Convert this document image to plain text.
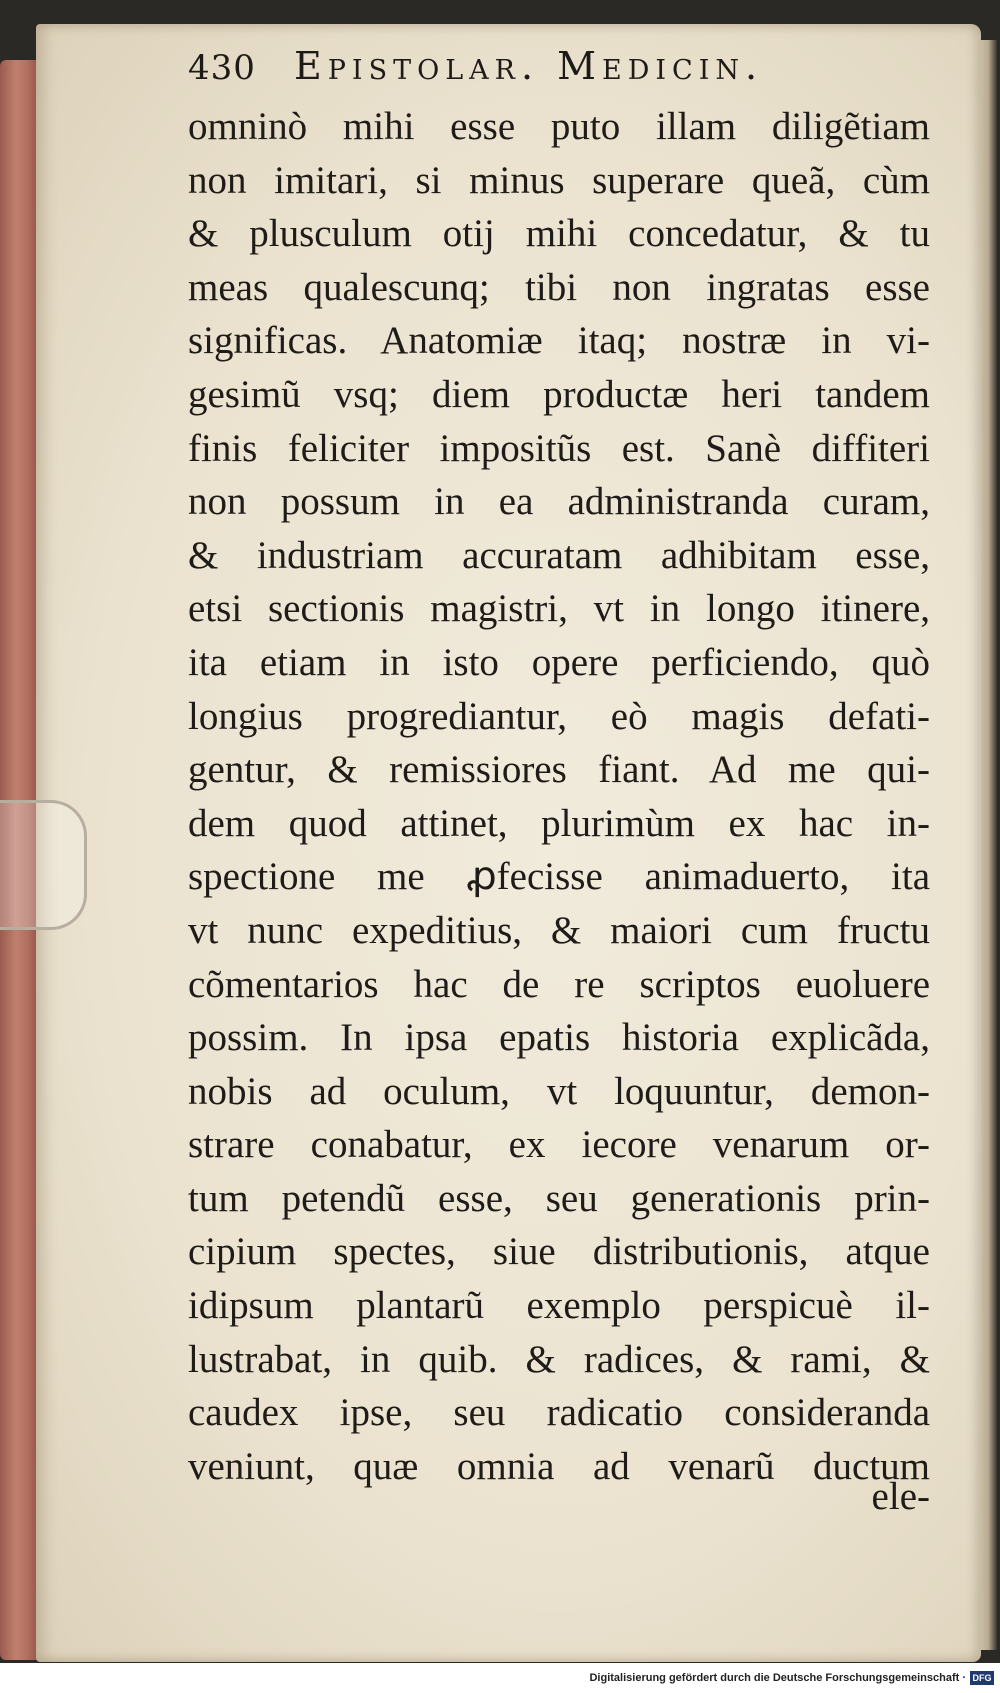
430 Epistolar. Medicin.
omninò mihi esse puto illam diligẽtiam
non imitari, si minus superare queã, cùm
& plusculum otij mihi concedatur, & tu
meas qualescunq; tibi non ingratas esse
significas. Anatomiæ itaq; nostræ in vi-
gesimũ vsq; diem productæ heri tandem
finis feliciter impositũs est. Sanè diffiteri
non possum in ea administranda curam,
& industriam accuratam adhibitam esse,
etsi sectionis magistri, vt in longo itinere,
ita etiam in isto opere perficiendo, quò
longius progrediantur, eò magis defati-
gentur, & remissiores fiant. Ad me qui-
dem quod attinet, plurimùm ex hac in-
spectione me ꝓfecisse animaduerto, ita
vt nunc expeditius, & maiori cum fructu
cõmentarios hac de re scriptos euoluere
possim. In ipsa epatis historia explicãda,
nobis ad oculum, vt loquuntur, demon-
strare conabatur, ex iecore venarum or-
tum petendũ esse, seu generationis prin-
cipium spectes, siue distributionis, atque
idipsum plantarũ exemplo perspicuè il-
lustrabat, in quib. & radices, & rami, &
caudex ipse, seu radicatio consideranda
veniunt, quæ omnia ad venarũ ductum
ele-
Digitalisierung gefördert durch die Deutsche Forschungsgemeinschaft · DFG
